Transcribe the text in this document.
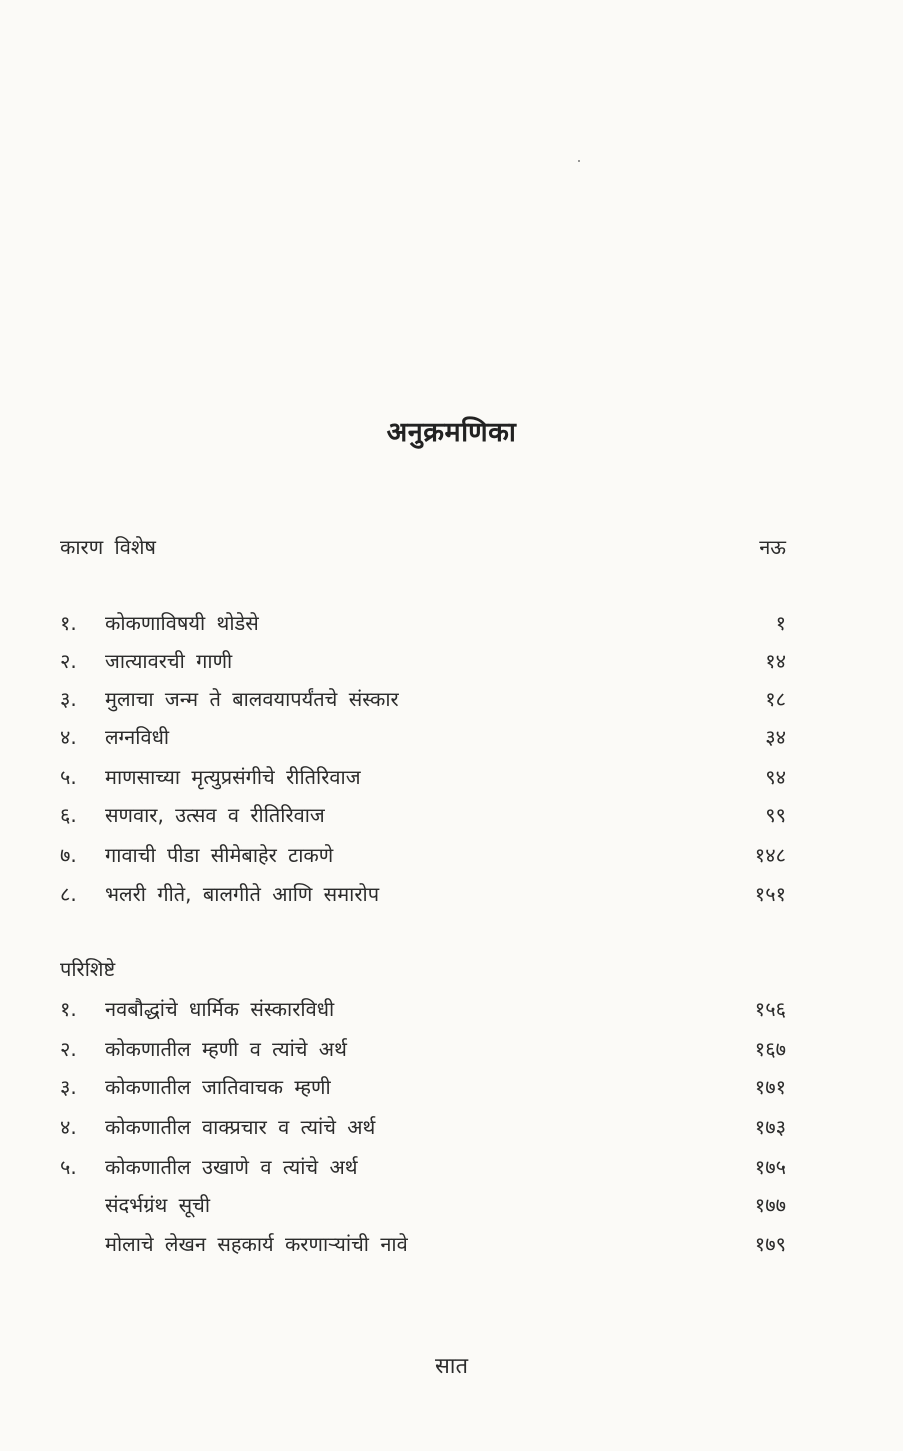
अनुक्रमणिका
कारण विशेष	नऊ
१.	कोकणाविषयी थोडेसे	१
२.	जात्यावरची गाणी	१४
३.	मुलाचा जन्म ते बालवयापर्यंतचे संस्कार	१८
४.	लग्नविधी	३४
५.	माणसाच्या मृत्युप्रसंगीचे रीतिरिवाज	९४
६.	सणवार, उत्सव व रीतिरिवाज	९९
७.	गावाची पीडा सीमेबाहेर टाकणे	१४८
८.	भलरी गीते, बालगीते आणि समारोप	१५१
परिशिष्टे
१.	नवबौद्धांचे धार्मिक संस्कारविधी	१५६
२.	कोकणातील म्हणी व त्यांचे अर्थ	१६७
३.	कोकणातील जातिवाचक म्हणी	१७१
४.	कोकणातील वाक्प्रचार व त्यांचे अर्थ	१७३
५.	कोकणातील उखाणे व त्यांचे अर्थ	१७५
संदर्भग्रंथ सूची	१७७
मोलाचे लेखन सहकार्य करणाऱ्यांची नावे	१७९
सात
